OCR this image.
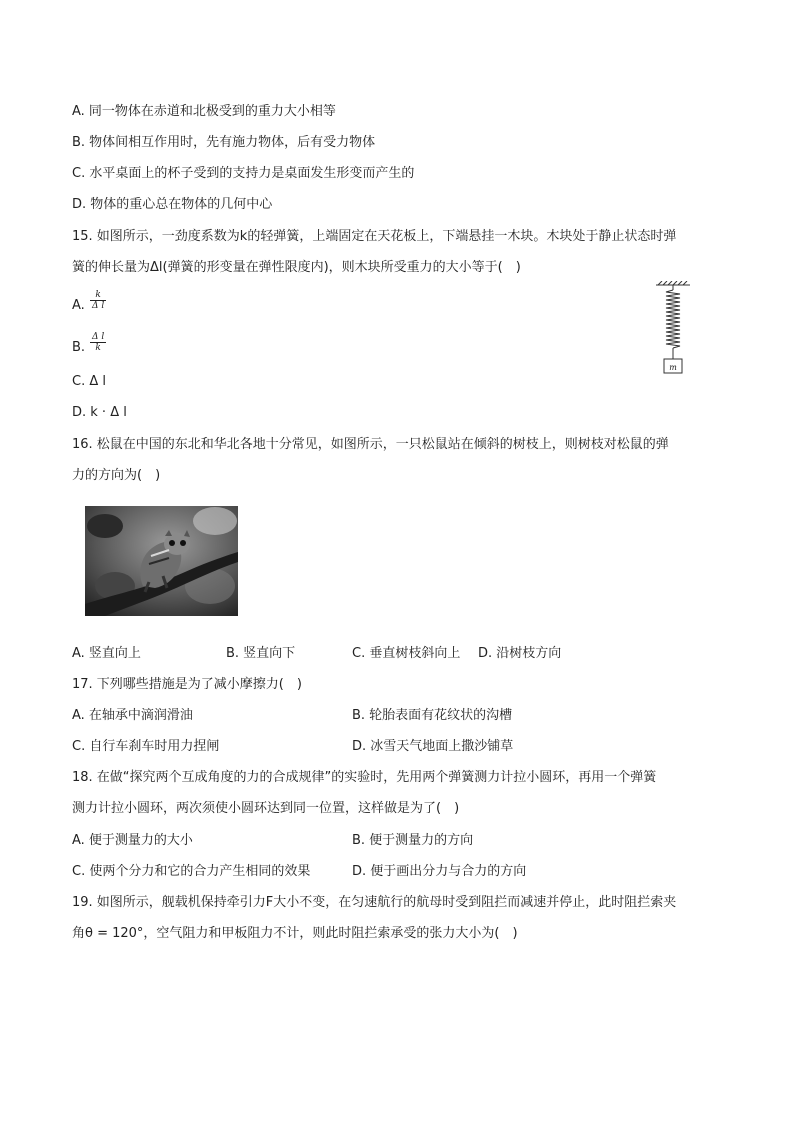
A. 同一物体在赤道和北极受到的重力大小相等
B. 物体间相互作用时，先有施力物体，后有受力物体
C. 水平桌面上的杯子受到的支持力是桌面发生形变而产生的
D. 物体的重心总在物体的几何中心
15. 如图所示，一劲度系数为k的轻弹簧，上端固定在天花板上，下端悬挂一木块。木块处于静止状态时弹
簧的伸长量为Δl(弹簧的形变量在弹性限度内)，则木块所受重力的大小等于(　)
A.
k
Δ l
B.
Δ l
k
C. Δ l
D. k · Δ l
m
16. 松鼠在中国的东北和华北各地十分常见，如图所示，一只松鼠站在倾斜的树枝上，则树枝对松鼠的弹
力的方向为(　)
A. 竖直向上	B. 竖直向下	C. 垂直树枝斜向上 D. 沿树枝方向
17. 下列哪些措施是为了减小摩擦力(　)
A. 在轴承中滴润滑油	B. 轮胎表面有花纹状的沟槽
C. 自行车刹车时用力捏闸	D. 冰雪天气地面上撒沙铺草
18. 在做“探究两个互成角度的力的合成规律”的实验时，先用两个弹簧测力计拉小圆环，再用一个弹簧
测力计拉小圆环，两次须使小圆环达到同一位置，这样做是为了(　)
A. 便于测量力的大小	B. 便于测量力的方向
C. 使两个分力和它的合力产生相同的效果	D. 便于画出分力与合力的方向
19. 如图所示，舰载机保持牵引力F大小不变，在匀速航行的航母时受到阻拦而减速并停止，此时阻拦索夹
角θ = 120°，空气阻力和甲板阻力不计，则此时阻拦索承受的张力大小为(　)
